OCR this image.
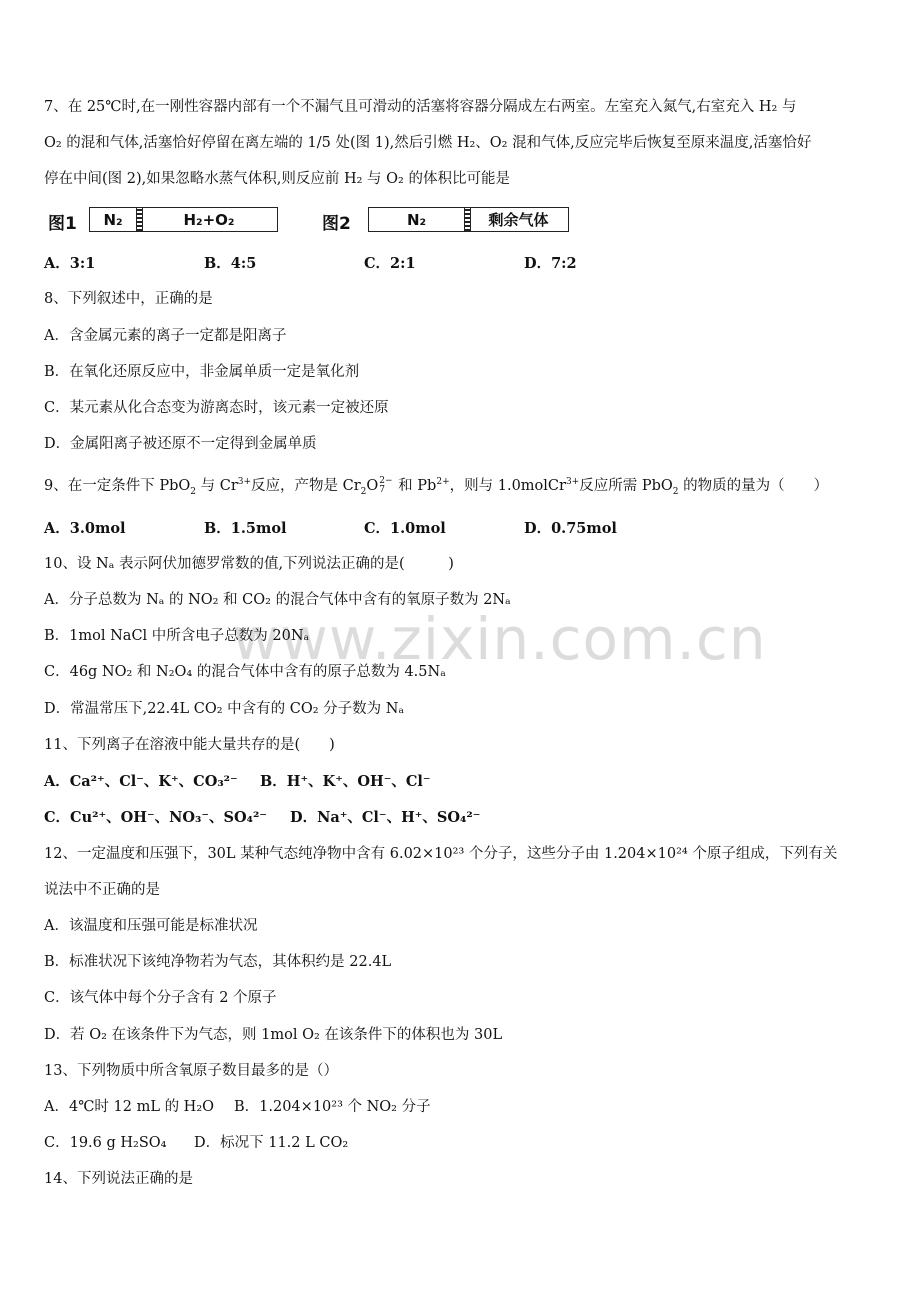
www.zixin.com.cn
7、在 25℃时,在一刚性容器内部有一个不漏气且可滑动的活塞将容器分隔成左右两室。左室充入氮气,右室充入 H₂ 与
O₂ 的混和气体,活塞恰好停留在离左端的 1/5 处(图 1),然后引燃 H₂、O₂ 混和气体,反应完毕后恢复至原来温度,活塞恰好
停在中间(图 2),如果忽略水蒸气体积,则反应前 H₂ 与 O₂ 的体积比可能是
图1	N₂	H₂+O₂	图2	N₂	剩余气体
A．3:1	B．4:5	C．2:1	D．7:2
8、下列叙述中，正确的是
A．含金属元素的离子一定都是阳离子
B．在氧化还原反应中，非金属单质一定是氧化剂
C．某元素从化合态变为游离态时，该元素一定被还原
D．金属阳离子被还原不一定得到金属单质
9、在一定条件下 PbO$_2$ 与 $Cr^{3+}$反应，产物是 $Cr_2O$ 2−
7 和 $Pb^{2+}$，则与 1.0molCr$^{3+}$反应所需 PbO$_2$ 的物质的量为（　　）
A．3.0mol	B．1.5mol	C．1.0mol	D．0.75mol
10、设 Nₐ 表示阿伏加德罗常数的值,下列说法正确的是(　　　)
A．分子总数为 Nₐ 的 NO₂ 和 CO₂ 的混合气体中含有的氧原子数为 2Nₐ
B．1mol NaCl 中所含电子总数为 20Nₐ
C．46g NO₂ 和 N₂O₄ 的混合气体中含有的原子总数为 4.5Nₐ
D．常温常压下,22.4L CO₂ 中含有的 CO₂ 分子数为 Nₐ
11、下列离子在溶液中能大量共存的是(　　)
A．Ca²⁺、Cl⁻、K⁺、CO₃²⁻ B．H⁺、K⁺、OH⁻、Cl⁻
C．Cu²⁺、OH⁻、NO₃⁻、SO₄²⁻ D．Na⁺、Cl⁻、H⁺、SO₄²⁻
12、一定温度和压强下，30L 某种气态纯净物中含有 6.02×10²³ 个分子，这些分子由 1.204×10²⁴ 个原子组成，下列有关
说法中不正确的是
A．该温度和压强可能是标准状况
B．标准状况下该纯净物若为气态，其体积约是 22.4L
C．该气体中每个分子含有 2 个原子
D．若 O₂ 在该条件下为气态，则 1mol O₂ 在该条件下的体积也为 30L
13、下列物质中所含氧原子数目最多的是（）
A．4℃时 12 mL 的 H₂O B．1.204×10²³ 个 NO₂ 分子
C．19.6 g H₂SO₄ D．标况下 11.2 L CO₂
14、下列说法正确的是
